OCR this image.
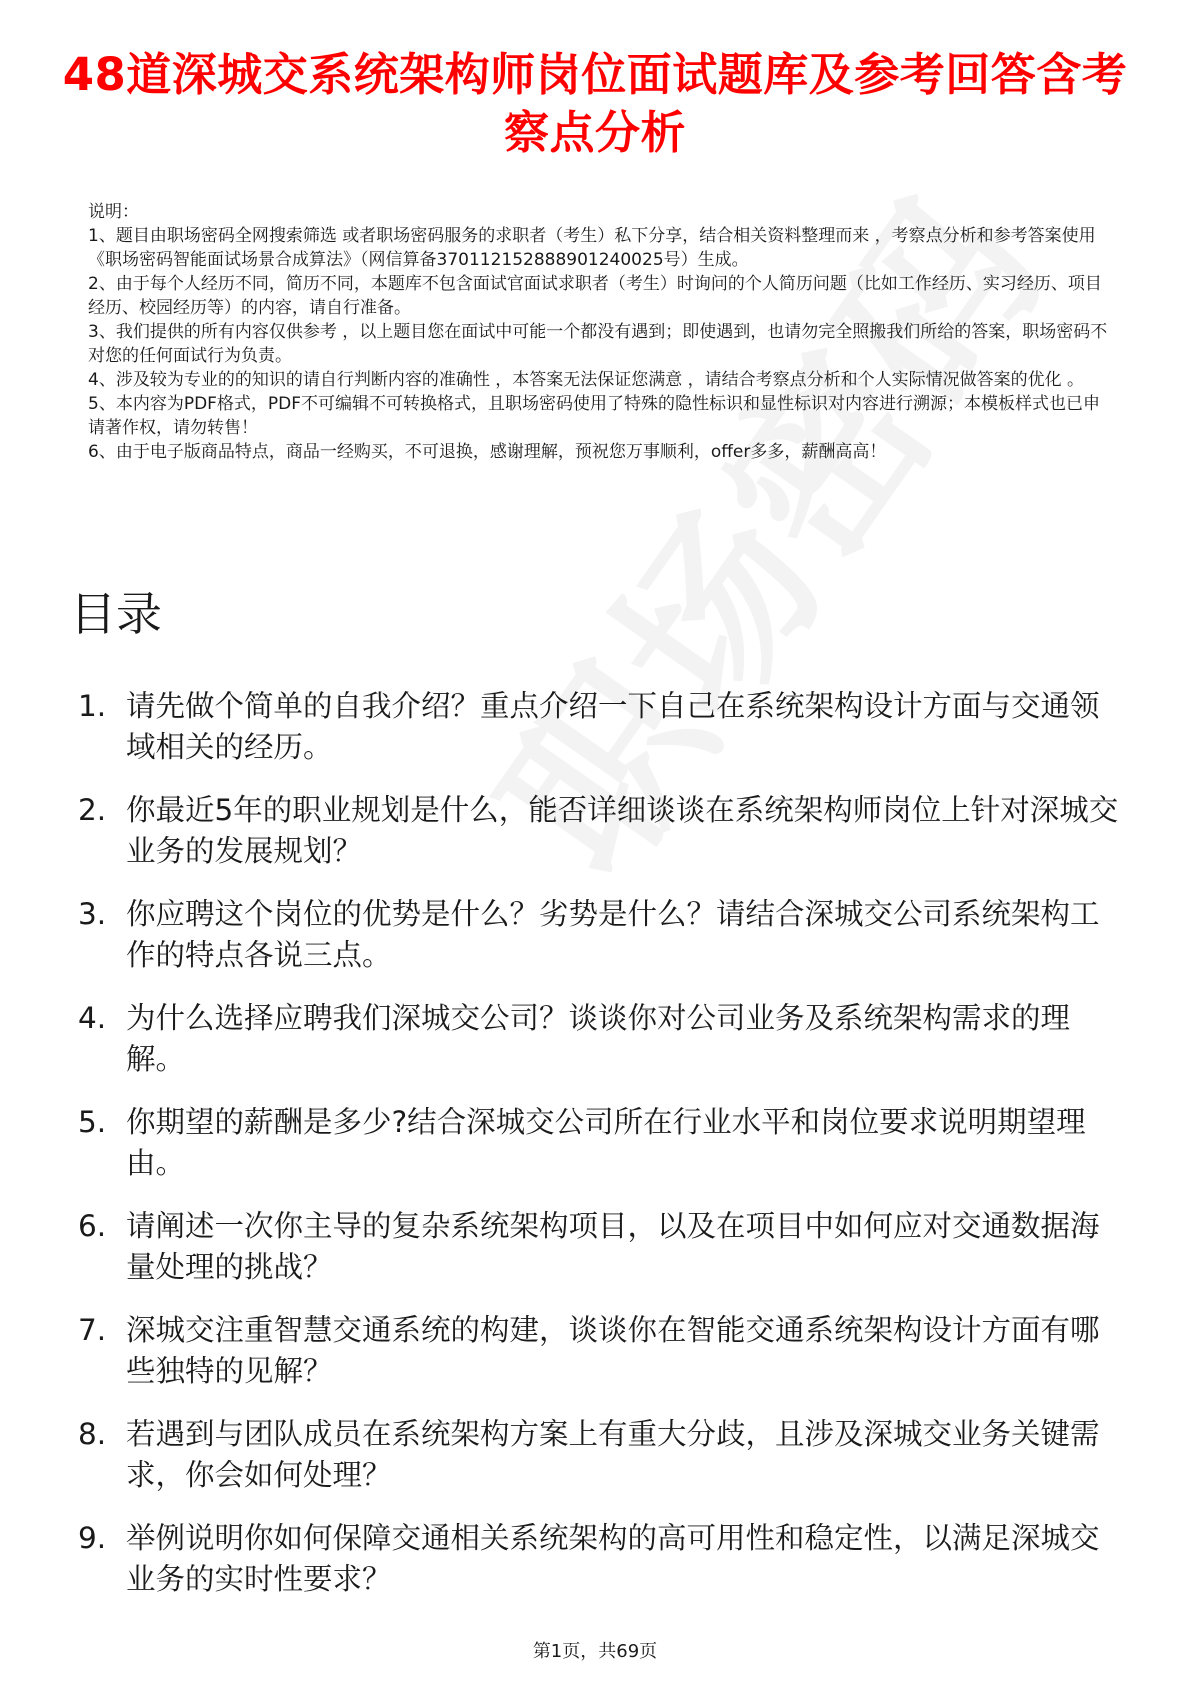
48道深城交系统架构师岗位面试题库及参考回答含考察点分析

说明：

1、题目由职场密码全网搜索筛选 或者职场密码服务的求职者（考生）私下分享，结合相关资料整理而来 ，考察点分析和参考答案使用《职场密码智能面试场景合成算法》（网信算备370112152888901240025号）生成。

2、由于每个人经历不同，简历不同，本题库不包含面试官面试求职者（考生）时询问的个人简历问题（比如工作经历、实习经历、项目经历、校园经历等）的内容，请自行准备。

3、我们提供的所有内容仅供参考 ，以上题目您在面试中可能一个都没有遇到；即使遇到，也请勿完全照搬我们所给的答案，职场密码不对您的任何面试行为负责。

4、涉及较为专业的的知识的请自行判断内容的准确性 ，本答案无法保证您满意 ，请结合考察点分析和个人实际情况做答案的优化 。

5、本内容为PDF格式，PDF不可编辑不可转换格式，且职场密码使用了特殊的隐性标识和显性标识对内容进行溯源；本模板样式也已申请著作权，请勿转售！

6、由于电子版商品特点，商品一经购买，不可退换，感谢理解，预祝您万事顺利，offer多多，薪酬高高！

目录
1. 请先做个简单的自我介绍？重点介绍一下自己在系统架构设计方面与交通领域相关的经历。
2. 你最近5年的职业规划是什么，能否详细谈谈在系统架构师岗位上针对深城交业务的发展规划？
3. 你应聘这个岗位的优势是什么？劣势是什么？请结合深城交公司系统架构工作的特点各说三点。
4. 为什么选择应聘我们深城交公司？谈谈你对公司业务及系统架构需求的理解。
5. 你期望的薪酬是多少?结合深城交公司所在行业水平和岗位要求说明期望理由。
6. 请阐述一次你主导的复杂系统架构项目，以及在项目中如何应对交通数据海量处理的挑战？
7. 深城交注重智慧交通系统的构建，谈谈你在智能交通系统架构设计方面有哪些独特的见解？
8. 若遇到与团队成员在系统架构方案上有重大分歧，且涉及深城交业务关键需求，你会如何处理？
9. 举例说明你如何保障交通相关系统架构的高可用性和稳定性，以满足深城交业务的实时性要求？
第1页，共69页
